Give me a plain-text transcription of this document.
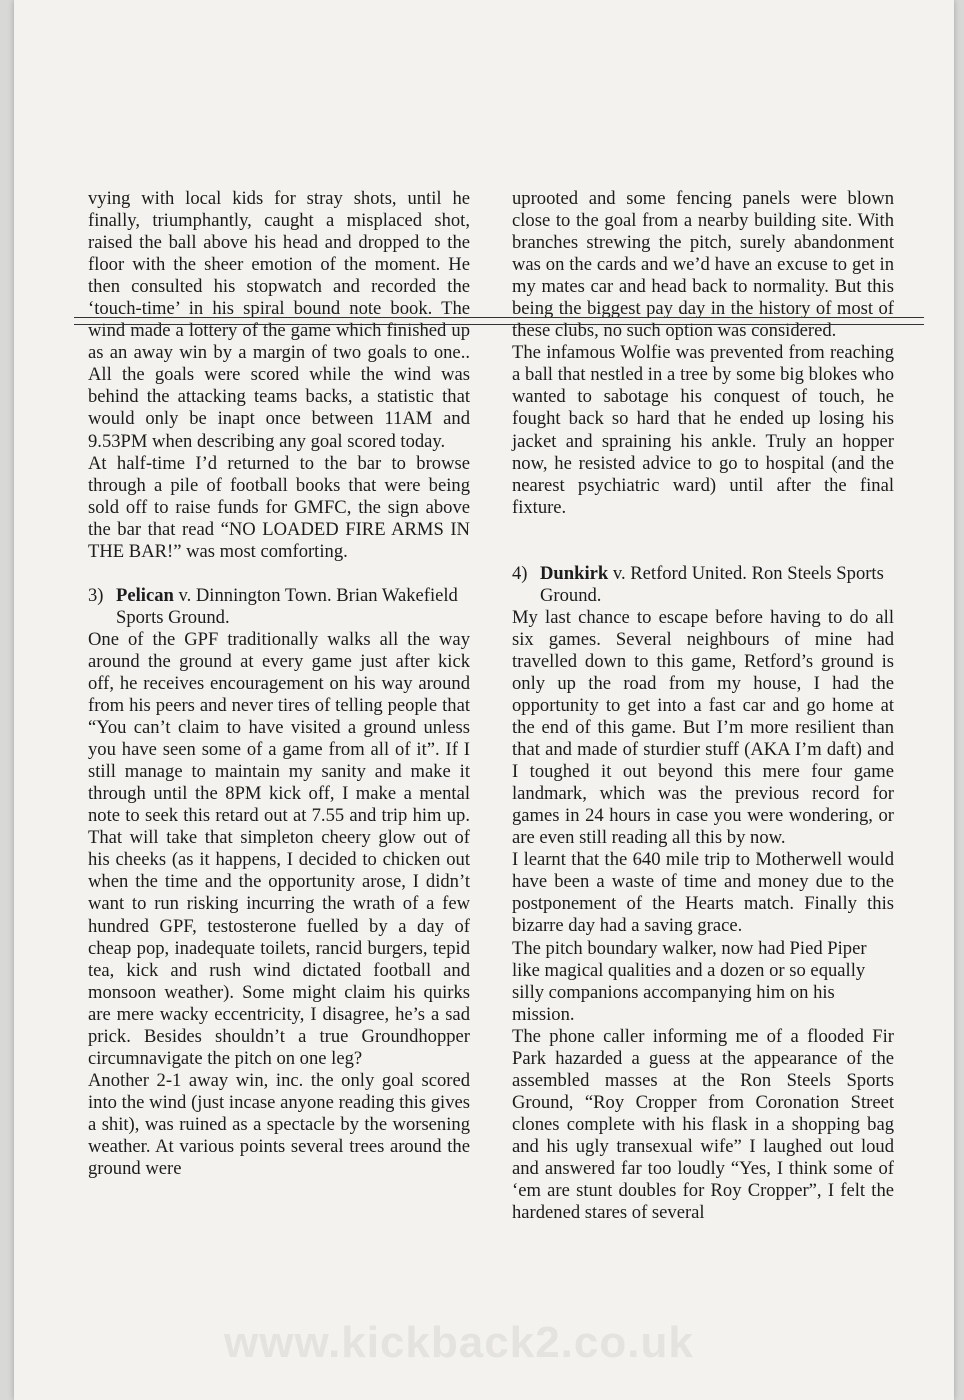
vying with local kids for stray shots, until he finally, triumphantly, caught a misplaced shot, raised the ball above his head and dropped to the floor with the sheer emotion of the moment. He then consulted his stopwatch and recorded the ‘touch-time’ in his spiral bound note book. The wind made a lottery of the game which finished up as an away win by a margin of two goals to one.. All the goals were scored while the wind was behind the attacking teams backs, a statistic that would only be inapt once between 11AM and 9.53PM when describing any goal scored today.

At half-time I’d returned to the bar to browse through a pile of football books that were being sold off to raise funds for GMFC, the sign above the bar that read “NO LOADED FIRE ARMS IN THE BAR!” was most comforting.

3) Pelican v. Dinnington Town. Brian Wakefield Sports Ground.

One of the GPF traditionally walks all the way around the ground at every game just after kick off, he receives encouragement on his way around from his peers and never tires of telling people that “You can’t claim to have visited a ground unless you have seen some of a game from all of it”. If I still manage to maintain my sanity and make it through until the 8PM kick off, I make a mental note to seek this retard out at 7.55 and trip him up. That will take that simpleton cheery glow out of his cheeks (as it happens, I decided to chicken out when the time and the opportunity arose, I didn’t want to run risking incurring the wrath of a few hundred GPF, testosterone fuelled by a day of cheap pop, inadequate toilets, rancid burgers, tepid tea, kick and rush wind dictated football and monsoon weather). Some might claim his quirks are mere wacky eccentricity, I disagree, he’s a sad prick. Besides shouldn’t a true Groundhopper circumnavigate the pitch on one leg?

Another 2-1 away win, inc. the only goal scored into the wind (just incase anyone reading this gives a shit), was ruined as a spectacle by the worsening weather. At various points several trees around the ground were

uprooted and some fencing panels were blown close to the goal from a nearby building site. With branches strewing the pitch, surely abandonment was on the cards and we’d have an excuse to get in my mates car and head back to normality. But this being the biggest pay day in the history of most of these clubs, no such option was considered.

The infamous Wolfie was prevented from reaching a ball that nestled in a tree by some big blokes who wanted to sabotage his conquest of touch, he fought back so hard that he ended up losing his jacket and spraining his ankle. Truly an hopper now, he resisted advice to go to hospital (and the nearest psychiatric ward) until after the final fixture.

4) Dunkirk v. Retford United. Ron Steels Sports Ground.

My last chance to escape before having to do all six games. Several neighbours of mine had travelled down to this game, Retford’s ground is only up the road from my house, I had the opportunity to get into a fast car and go home at the end of this game. But I’m more resilient than that and made of sturdier stuff (AKA I’m daft) and I toughed it out beyond this mere four game landmark, which was the previous record for games in 24 hours in case you were wondering, or are even still reading all this by now.

I learnt that the 640 mile trip to Motherwell would have been a waste of time and money due to the postponement of the Hearts match. Finally this bizarre day had a saving grace.

The pitch boundary walker, now had Pied Piper like magical qualities and a dozen or so equally silly companions accompanying him on his mission.

The phone caller informing me of a flooded Fir Park hazarded a guess at the appearance of the assembled masses at the Ron Steels Sports Ground, “Roy Cropper from Coronation Street clones complete with his flask in a shopping bag and his ugly transexual wife” I laughed out loud and answered far too loudly “Yes, I think some of ‘em are stunt doubles for Roy Cropper”, I felt the hardened stares of several

www.kickback2.co.uk
